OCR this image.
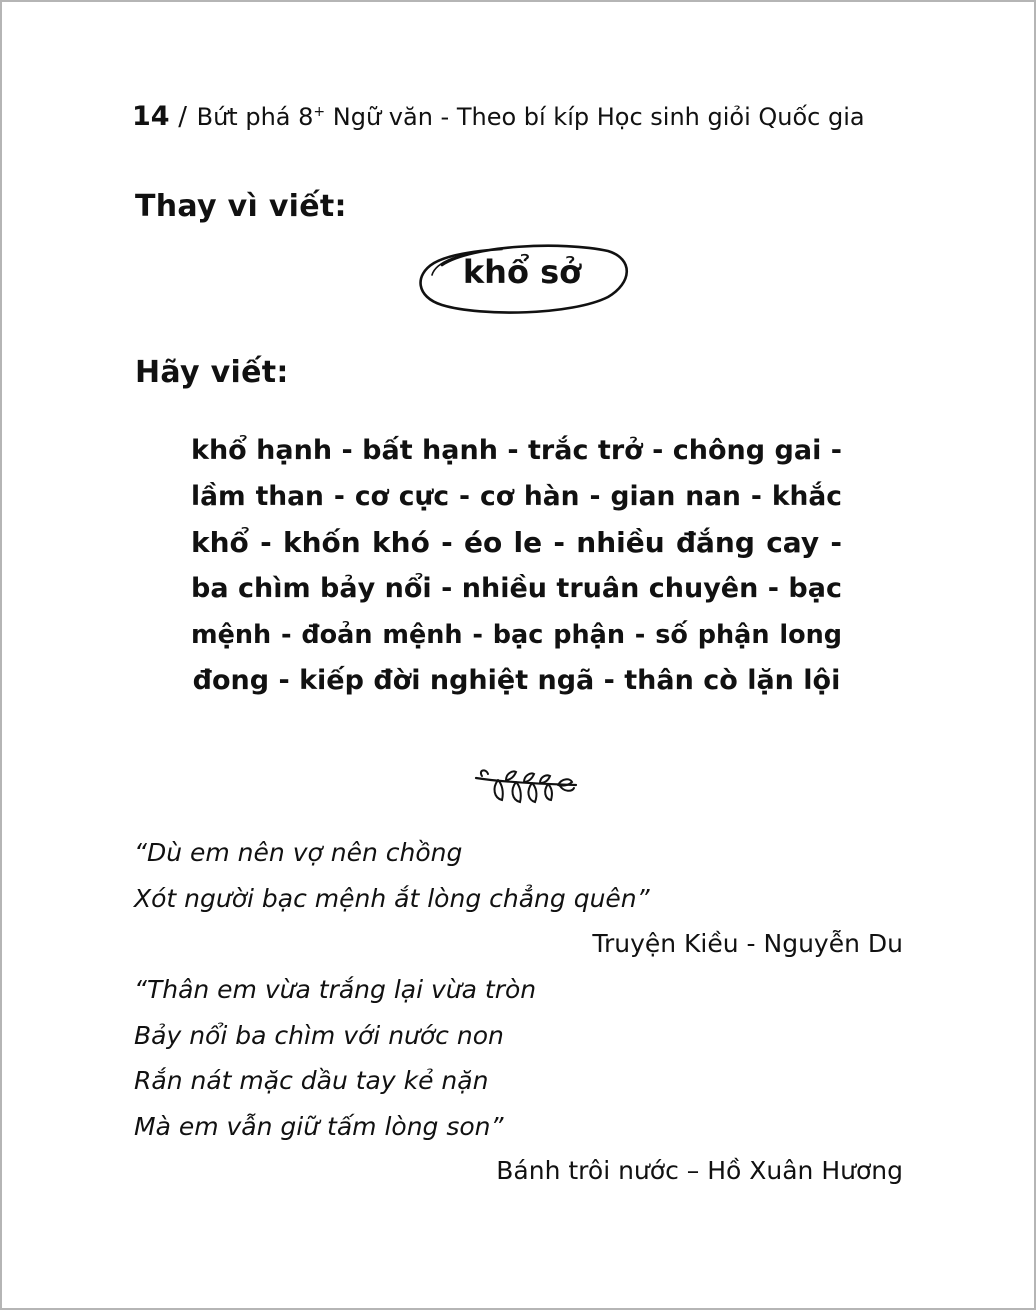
14 / Bứt phá 8+ Ngữ văn - Theo bí kíp Học sinh giỏi Quốc gia
Thay vì viết:
khổ sở
Hãy viết:
khổ hạnh - bất hạnh - trắc trở - chông gai -
lầm than - cơ cực - cơ hàn - gian nan - khắc
khổ - khốn khó - éo le - nhiều đắng cay -
ba chìm bảy nổi - nhiều truân chuyên - bạc
mệnh - đoản mệnh - bạc phận - số phận long
đong - kiếp đời nghiệt ngã - thân cò lặn lội
“Dù em nên vợ nên chồng
Xót người bạc mệnh ắt lòng chẳng quên”
Truyện Kiều - Nguyễn Du
“Thân em vừa trắng lại vừa tròn
Bảy nổi ba chìm với nước non
Rắn nát mặc dầu tay kẻ nặn
Mà em vẫn giữ tấm lòng son”
Bánh trôi nước – Hồ Xuân Hương
